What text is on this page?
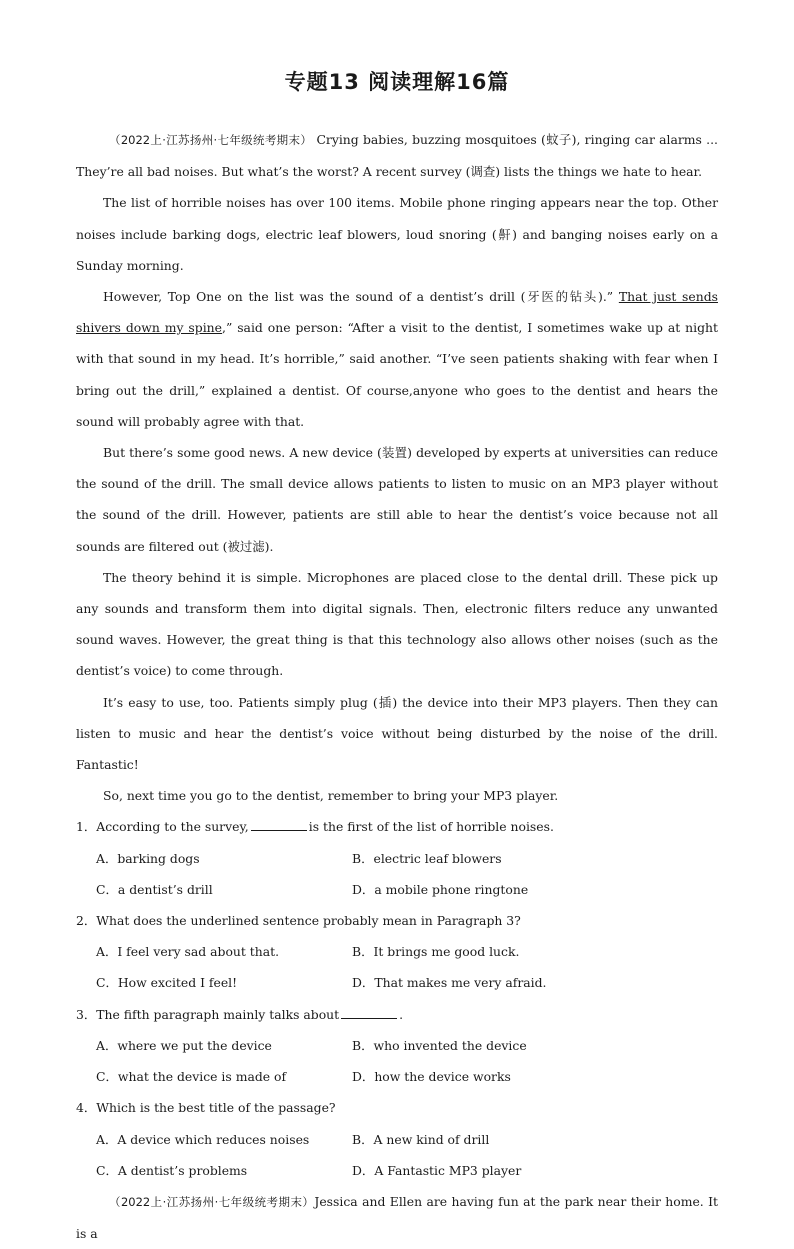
专题13 阅读理解16篇

（2022上·江苏扬州·七年级统考期末） Crying babies, buzzing mosquitoes (蚊子), ringing car alarms ... They’re all bad noises. But what’s the worst? A recent survey (调查) lists the things we hate to hear.

The list of horrible noises has over 100 items. Mobile phone ringing appears near the top. Other noises include barking dogs, electric leaf blowers, loud snoring (鼾) and banging noises early on a Sunday morning.

However, Top One on the list was the sound of a dentist’s drill (牙医的钻头).” That just sends shivers down my spine,” said one person: “After a visit to the dentist, I sometimes wake up at night with that sound in my head. It’s horrible,” said another. “I’ve seen patients shaking with fear when I bring out the drill,” explained a dentist. Of course,anyone who goes to the dentist and hears the sound will probably agree with that.

But there’s some good news. A new device (装置) developed by experts at universities can reduce the sound of the drill. The small device allows patients to listen to music on an MP3 player without the sound of the drill. However, patients are still able to hear the dentist’s voice because not all sounds are filtered out (被过滤).

The theory behind it is simple. Microphones are placed close to the dental drill. These pick up any sounds and transform them into digital signals. Then, electronic filters reduce any unwanted sound waves. However, the great thing is that this technology also allows other noises (such as the dentist’s voice) to come through.

It’s easy to use, too. Patients simply plug (插) the device into their MP3 players. Then they can listen to music and hear the dentist’s voice without being disturbed by the noise of the drill. Fantastic!

So, next time you go to the dentist, remember to bring your MP3 player.

1．According to the survey,	is the first of the list of horrible noises.
A．barking dogs	B．electric leaf blowers
C．a dentist’s drill	D．a mobile phone ringtone
2．What does the underlined sentence probably mean in Paragraph 3?
A．I feel very sad about that.	B．It brings me good luck.
C．How excited I feel!	D．That makes me very afraid.
3．The fifth paragraph mainly talks about	.
A．where we put the device	B．who invented the device
C．what the device is made of	D．how the device works
4．Which is the best title of the passage?
A．A device which reduces noises	B．A new kind of drill
C．A dentist’s problems	D．A Fantastic MP3 player

（2022上·江苏扬州·七年级统考期末）Jessica and Ellen are having fun at the park near their home. It is a
